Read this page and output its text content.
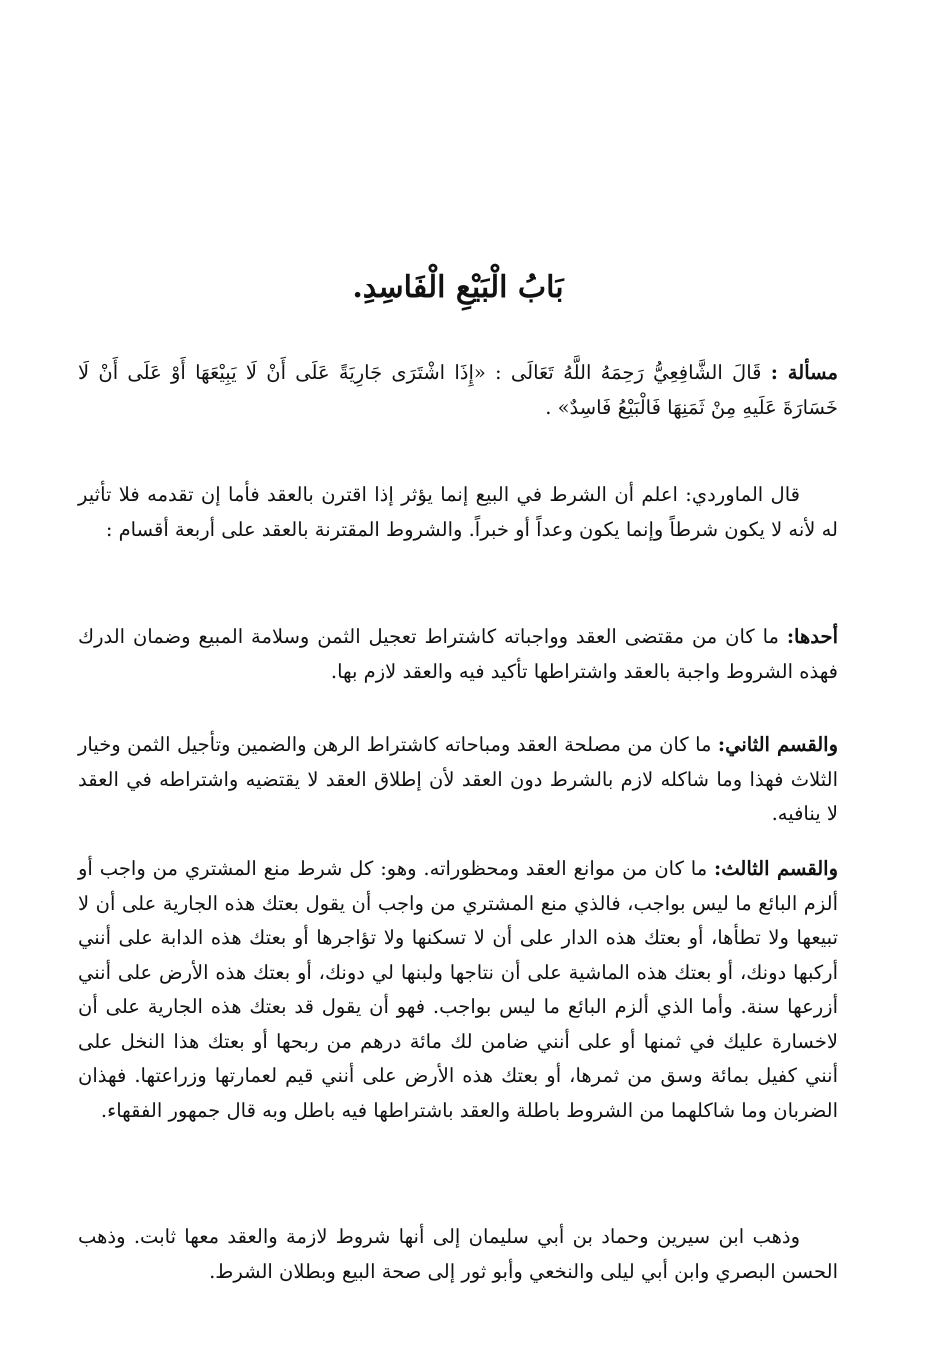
بَابُ الْبَيْعِ الْفَاسِدِ.

مسألة : قَالَ الشَّافِعِيُّ رَحِمَهُ اللَّهُ تَعَالَى : «إِذَا اشْتَرَى جَارِيَةً عَلَى أَنْ لَا يَبِيْعَهَا أَوْ عَلَى أَنْ لَا خَسَارَةَ عَلَيهِ مِنْ ثَمَنِهَا فَالْبَيْعُ فَاسِدٌ» .

قال الماوردي: اعلم أن الشرط في البيع إنما يؤثر إذا اقترن بالعقد فأما إن تقدمه فلا تأثير له لأنه لا يكون شرطاً وإنما يكون وعداً أو خبراً. والشروط المقترنة بالعقد على أربعة أقسام :

أحدها: ما كان من مقتضى العقد وواجباته كاشتراط تعجيل الثمن وسلامة المبيع وضمان الدرك فهذه الشروط واجبة بالعقد واشتراطها تأكيد فيه والعقد لازم بها.

والقسم الثاني: ما كان من مصلحة العقد ومباحاته كاشتراط الرهن والضمين وتأجيل الثمن وخيار الثلاث فهذا وما شاكله لازم بالشرط دون العقد لأن إطلاق العقد لا يقتضيه واشتراطه في العقد لا ينافيه.

والقسم الثالث: ما كان من موانع العقد ومحظوراته. وهو: كل شرط منع المشتري من واجب أو ألزم البائع ما ليس بواجب، فالذي منع المشتري من واجب أن يقول بعتك هذه الجارية على أن لا تبيعها ولا تطأها، أو بعتك هذه الدار على أن لا تسكنها ولا تؤاجرها أو بعتك هذه الدابة على أنني أركبها دونك، أو بعتك هذه الماشية على أن نتاجها ولبنها لي دونك، أو بعتك هذه الأرض على أنني أزرعها سنة. وأما الذي ألزم البائع ما ليس بواجب. فهو أن يقول قد بعتك هذه الجارية على أن لاخسارة عليك في ثمنها أو على أنني ضامن لك مائة درهم من ربحها أو بعتك هذا النخل على أنني كفيل بمائة وسق من ثمرها، أو بعتك هذه الأرض على أنني قيم لعمارتها وزراعتها. فهذان الضربان وما شاكلهما من الشروط باطلة والعقد باشتراطها فيه باطل وبه قال جمهور الفقهاء.

وذهب ابن سيرين وحماد بن أبي سليمان إلى أنها شروط لازمة والعقد معها ثابت. وذهب الحسن البصري وابن أبي ليلى والنخعي وأبو ثور إلى صحة البيع وبطلان الشرط.
